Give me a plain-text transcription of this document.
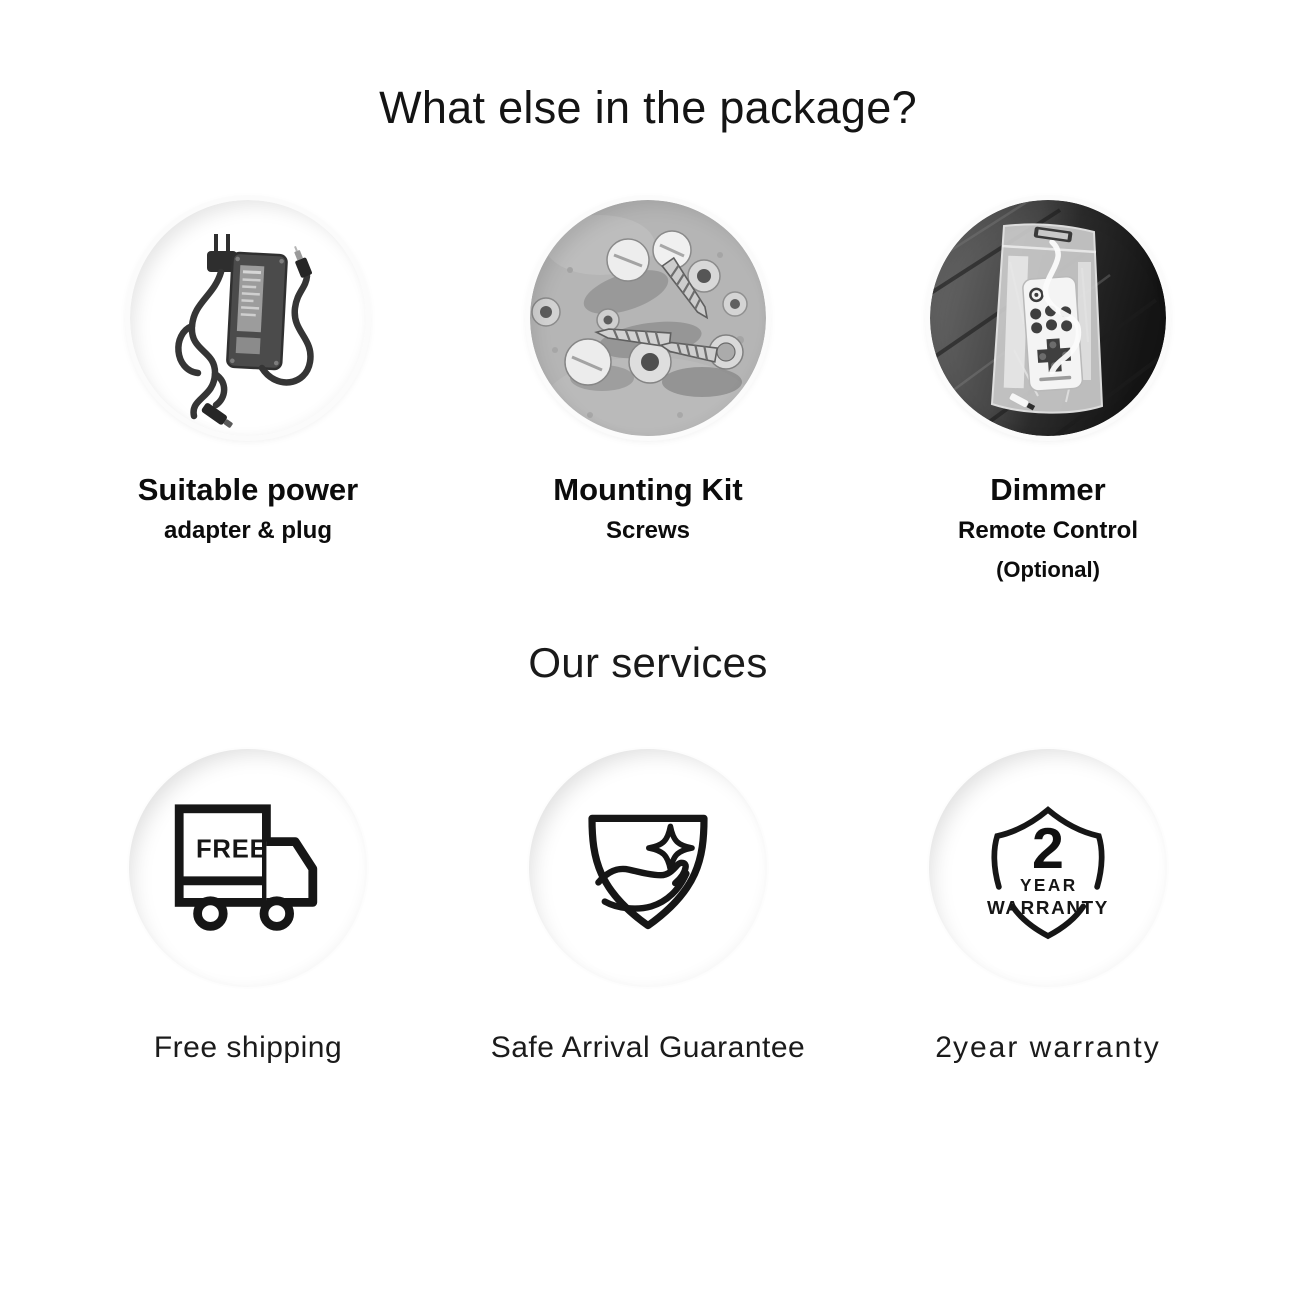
What else in the package?
Suitable power
adapter & plug
Mounting Kit
Screws
Dimmer
Remote Control
(Optional)
Our services
FREE
Free shipping	Safe Arrival Guarantee
2
YEAR
WARRANTY
2year warranty
